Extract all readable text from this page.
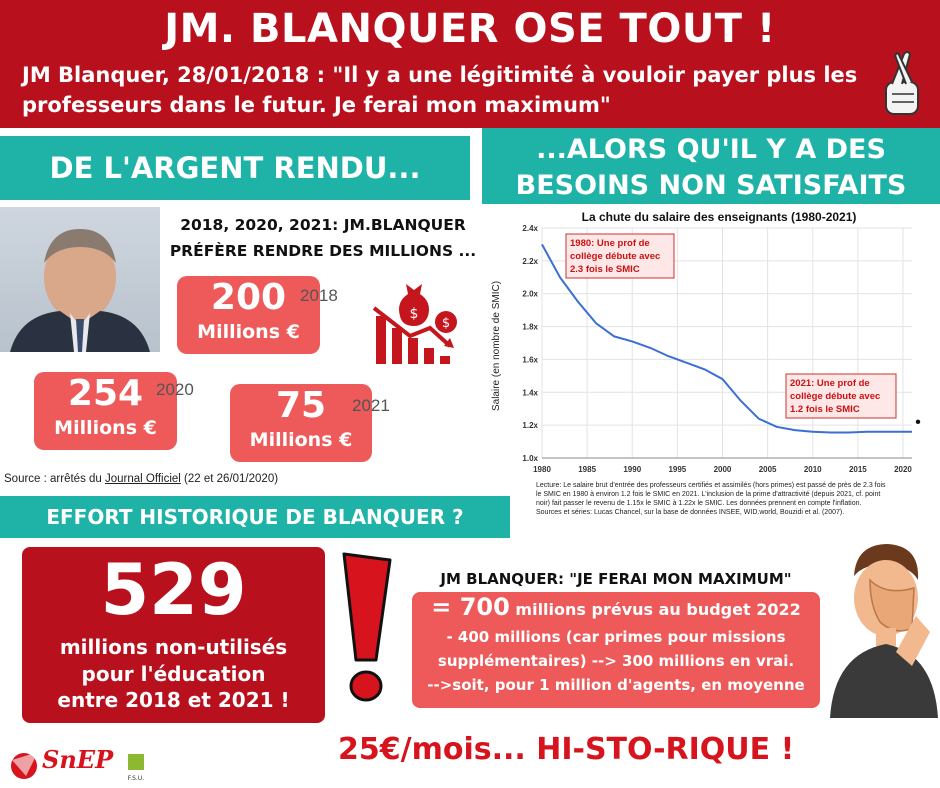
JM. BLANQUER OSE TOUT !
JM Blanquer, 28/01/2018 : "Il y a une légitimité à vouloir payer plus les
professeurs dans le futur. Je ferai mon maximum"
DE L'ARGENT RENDU...
...ALORS QU'IL Y A DES
BESOINS NON SATISFAITS
2018, 2020, 2021: JM.BLANQUER
PRÉFÈRE RENDRE DES MILLIONS ...
200
Millions €
2018
254
Millions €
2020	75
Millions €
2021
$
$
Source : arrêtés du Journal Officiel (22 et 26/01/2020)
La chute du salaire des enseignants (1980-2021)
Salaire (en nombre de SMIC)
1.0x
1.2x
1.4x
1.6x
1.8x
2.0x
2.2x
2.4x
1980	1985	1990	1995	2000	2005	2010	2015	2020
1980: Une prof de
collège débute avec
2.3 fois le SMIC
2021: Une prof de
collège débute avec
1.2 fois le SMIC
Lecture: Le salaire brut d'entrée des professeurs certifiés et assimilés (hors primes) est passé de près de 2.3 fois
le SMIC en 1980 à environ 1.2 fois le SMIC en 2021. L'inclusion de la prime d'attractivité (depuis 2021, cf. point
noir) fait passer le revenu de 1.15x le SMIC à 1.22x le SMIC. Les données prennent en compte l'inflation.
Sources et séries: Lucas Chancel, sur la base de données INSEE, WID.world, Bouzidi et al. (2007).
EFFORT HISTORIQUE DE BLANQUER ?
529
millions non-utilisés
pour l'éducation
entre 2018 et 2021 !
JM BLANQUER: "JE FERAI MON MAXIMUM"
= 700 millions prévus au budget 2022
- 400 millions (car primes pour missions
supplémentaires) --> 300 millions en vrai.
-->soit, pour 1 million d'agents, en moyenne
25€/mois... HI-STO-RIQUE !
SnEP
F.S.U.
